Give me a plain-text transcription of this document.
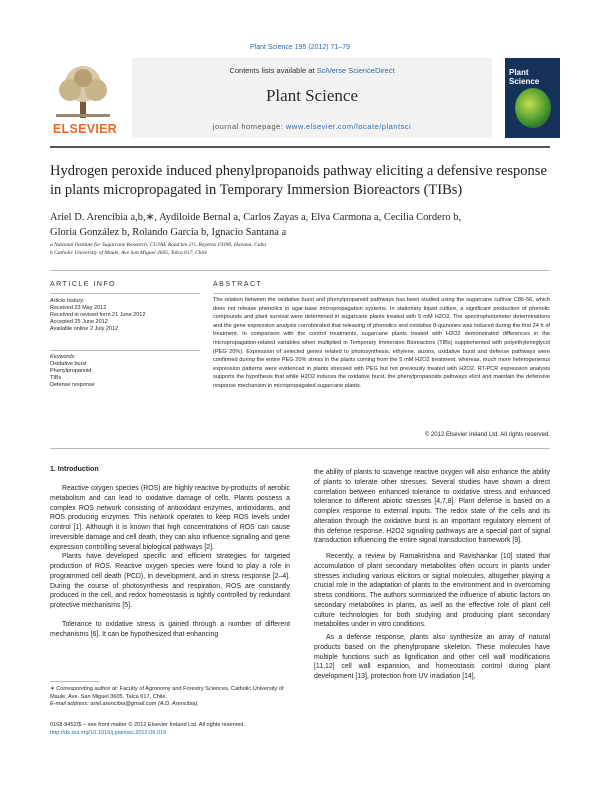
Plant Science 195 (2012) 71–79
ELSEVIER
Contents lists available at SciVerse ScienceDirect
Plant Science
journal homepage: www.elsevier.com/locate/plantsci
Plant Science
Hydrogen peroxide induced phenylpropanoids pathway eliciting a defensive response in plants micropropagated in Temporary Immersion Bioreactors (TIBs)
Ariel D. Arencibia a,b,∗, Aydiloide Bernal a, Carlos Zayas a, Elva Carmona a, Cecilia Cordero b,
Gloria González b, Rolando García b, Ignacio Santana a
a National Institute for Sugarcane Research, CUJAE Road km 2½, Boyeros 19390, Havana, Cuba
b Catholic University of Maule, Ave San Miguel 3605, Talca 617, Chile
ARTICLE INFO
Article history:
Received 23 May 2012
Received in revised form 21 June 2012
Accepted 25 June 2012
Available online 2 July 2012
Keywords:
Oxidative burst
Phenylpropanoid
TIBs
Defense response
ABSTRACT
The relation between the oxidative burst and phenylpropanoid pathways has been studied using the sugarcane cultivar C86-56, which does not release phenolics in agar-base micropropagation systems. In stationary liquid culture, a significant production of phenolic compounds and plant survival were determined in sugarcane plants treated with 5 mM H2O2. The spectrophotometer determinations and the gene expression analysis corroborated that releasing of phenolics and oxidative θ-quinones was induced during the first 24 h of treatment. In comparison with the control treatments, sugarcane plants treated with H2O2 demonstrated differences in the micropropagation-related variables when multiplied in Temporary Immersion Bioreactors (TIBs) supplemented with polyethyleneglycol (PEG 20%). Expression of selected genes related to photosynthesis, ethylene, auxins, oxidative burst and defense pathways were confirmed during the entire PEG 20% stress in the plants coming from the 5 mM H2O2 treatment; whereas, much more heterogeneous expression patterns were evidenced in plants stressed with PEG but not previously treated with H2O2. RT-PCR expression analysis supports the hypothesis that while H2O2 induces the oxidative burst, the phenylpropanoids pathways elicit and maintain the defensive response mechanism in micropropagated sugarcane plants.
© 2012 Elsevier Ireland Ltd. All rights reserved.
1. Introduction

Reactive oxygen species (ROS) are highly reactive by-products of aerobic metabolism and can lead to oxidative damage of cells. Plants possess a complex ROS network consisting of antioxidant enzymes, antioxidants, and ROS producing enzymes. This network operates to keep ROS levels under control [1]. Although it is known that high concentrations of ROS can cause irreversible damage and cell death, they can also influence signaling and gene expression controlling several biological pathways [2].

Plants have developed specific and efficient strategies for targeted production of ROS. Reactive oxygen species were found to play a role in programmed cell death (PCD), in development, and in stress response [2–4]. During the course of photosynthesis and respiration, ROS are constantly produced in the cell, and redox homeostasis is tightly controlled by redundant protective mechanisms [5].

Tolerance to oxidative stress is gained through a number of different mechanisms [6]. It can be hypothesized that enhancing

the ability of plants to scavenge reactive oxygen will also enhance the ability of plants to tolerate other stresses. Several studies have shown a direct correlation between enhanced tolerance to oxidative stress and enhanced tolerance to different abiotic stresses [4,7,8]. Plant defense is based on a complex response to external inputs. The redox state of the cells and its alteration through the oxidative burst is an important regulatory element of this defense response. H2O2 signaling pathways are a special part of signal transduction influencing the entire signal transduction framework [9].

Recently, a review by Ramakrishna and Ravishankar [10] stated that accumulation of plant secondary metabolites often occurs in plants under stresses including various elicitors or signal molecules, altogether playing a crucial role in the adaptation of plants to the environment and in overcoming stress conditions. The authors summarized the influence of abiotic factors on secondary metabolites in plants, as well as the effective role of plant cell culture technologies for both studying and producing plant secondary metabolites under in vitro conditions.

As a defense response, plants also synthesize an array of natural products based on the phenylpropane skeleton. These molecules have multiple functions such as lignification and other cell wall modifications [11,12] cell wall expansion, and homeostasis control during plant development [13], protection from UV irradiation [14],

∗ Corresponding author at: Faculty of Agronomy and Forestry Sciences, Catholic University of Maule, Ave. San Miguel 3605, Talca 617, Chile.
E-mail address: ariel.arencibia@gmail.com (A.D. Arencibia).
0168-9452/$ – see front matter © 2012 Elsevier Ireland Ltd. All rights reserved.
http://dx.doi.org/10.1016/j.plantsci.2012.06.016
